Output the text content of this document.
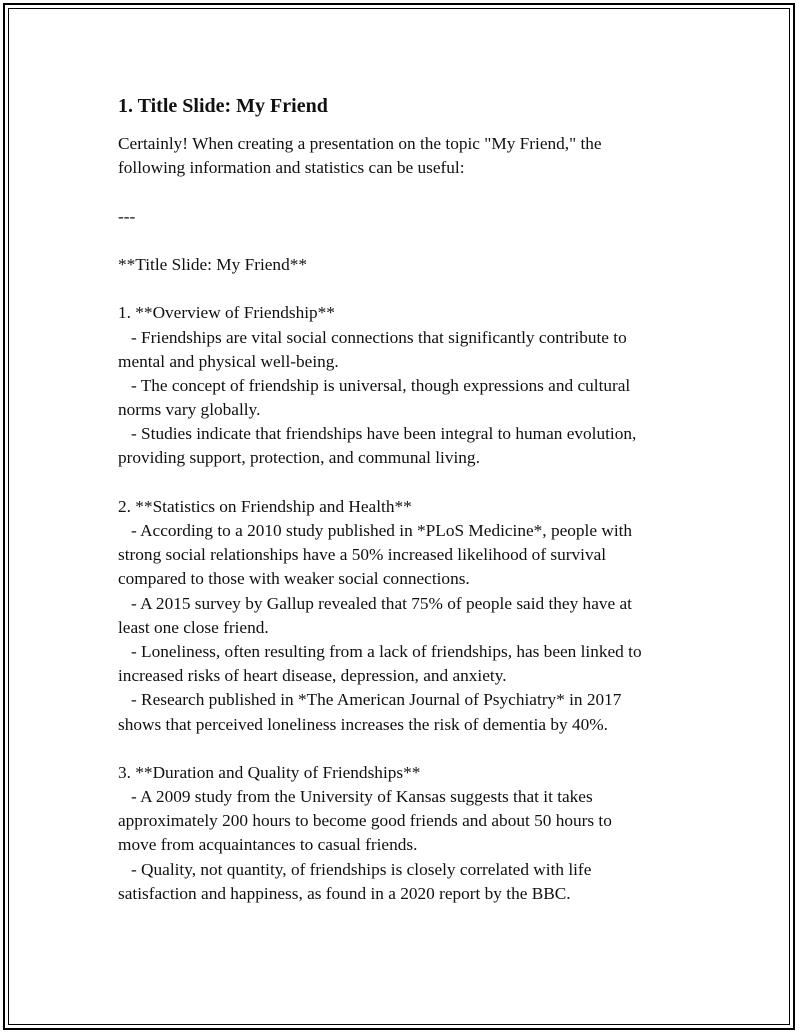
1. Title Slide: My Friend
Certainly! When creating a presentation on the topic "My Friend," the
following information and statistics can be useful:
---
**Title Slide: My Friend**
1. **Overview of Friendship**
- Friendships are vital social connections that significantly contribute to
mental and physical well-being.
- The concept of friendship is universal, though expressions and cultural
norms vary globally.
- Studies indicate that friendships have been integral to human evolution,
providing support, protection, and communal living.
2. **Statistics on Friendship and Health**
- According to a 2010 study published in *PLoS Medicine*, people with
strong social relationships have a 50% increased likelihood of survival
compared to those with weaker social connections.
- A 2015 survey by Gallup revealed that 75% of people said they have at
least one close friend.
- Loneliness, often resulting from a lack of friendships, has been linked to
increased risks of heart disease, depression, and anxiety.
- Research published in *The American Journal of Psychiatry* in 2017
shows that perceived loneliness increases the risk of dementia by 40%.
3. **Duration and Quality of Friendships**
- A 2009 study from the University of Kansas suggests that it takes
approximately 200 hours to become good friends and about 50 hours to
move from acquaintances to casual friends.
- Quality, not quantity, of friendships is closely correlated with life
satisfaction and happiness, as found in a 2020 report by the BBC.
